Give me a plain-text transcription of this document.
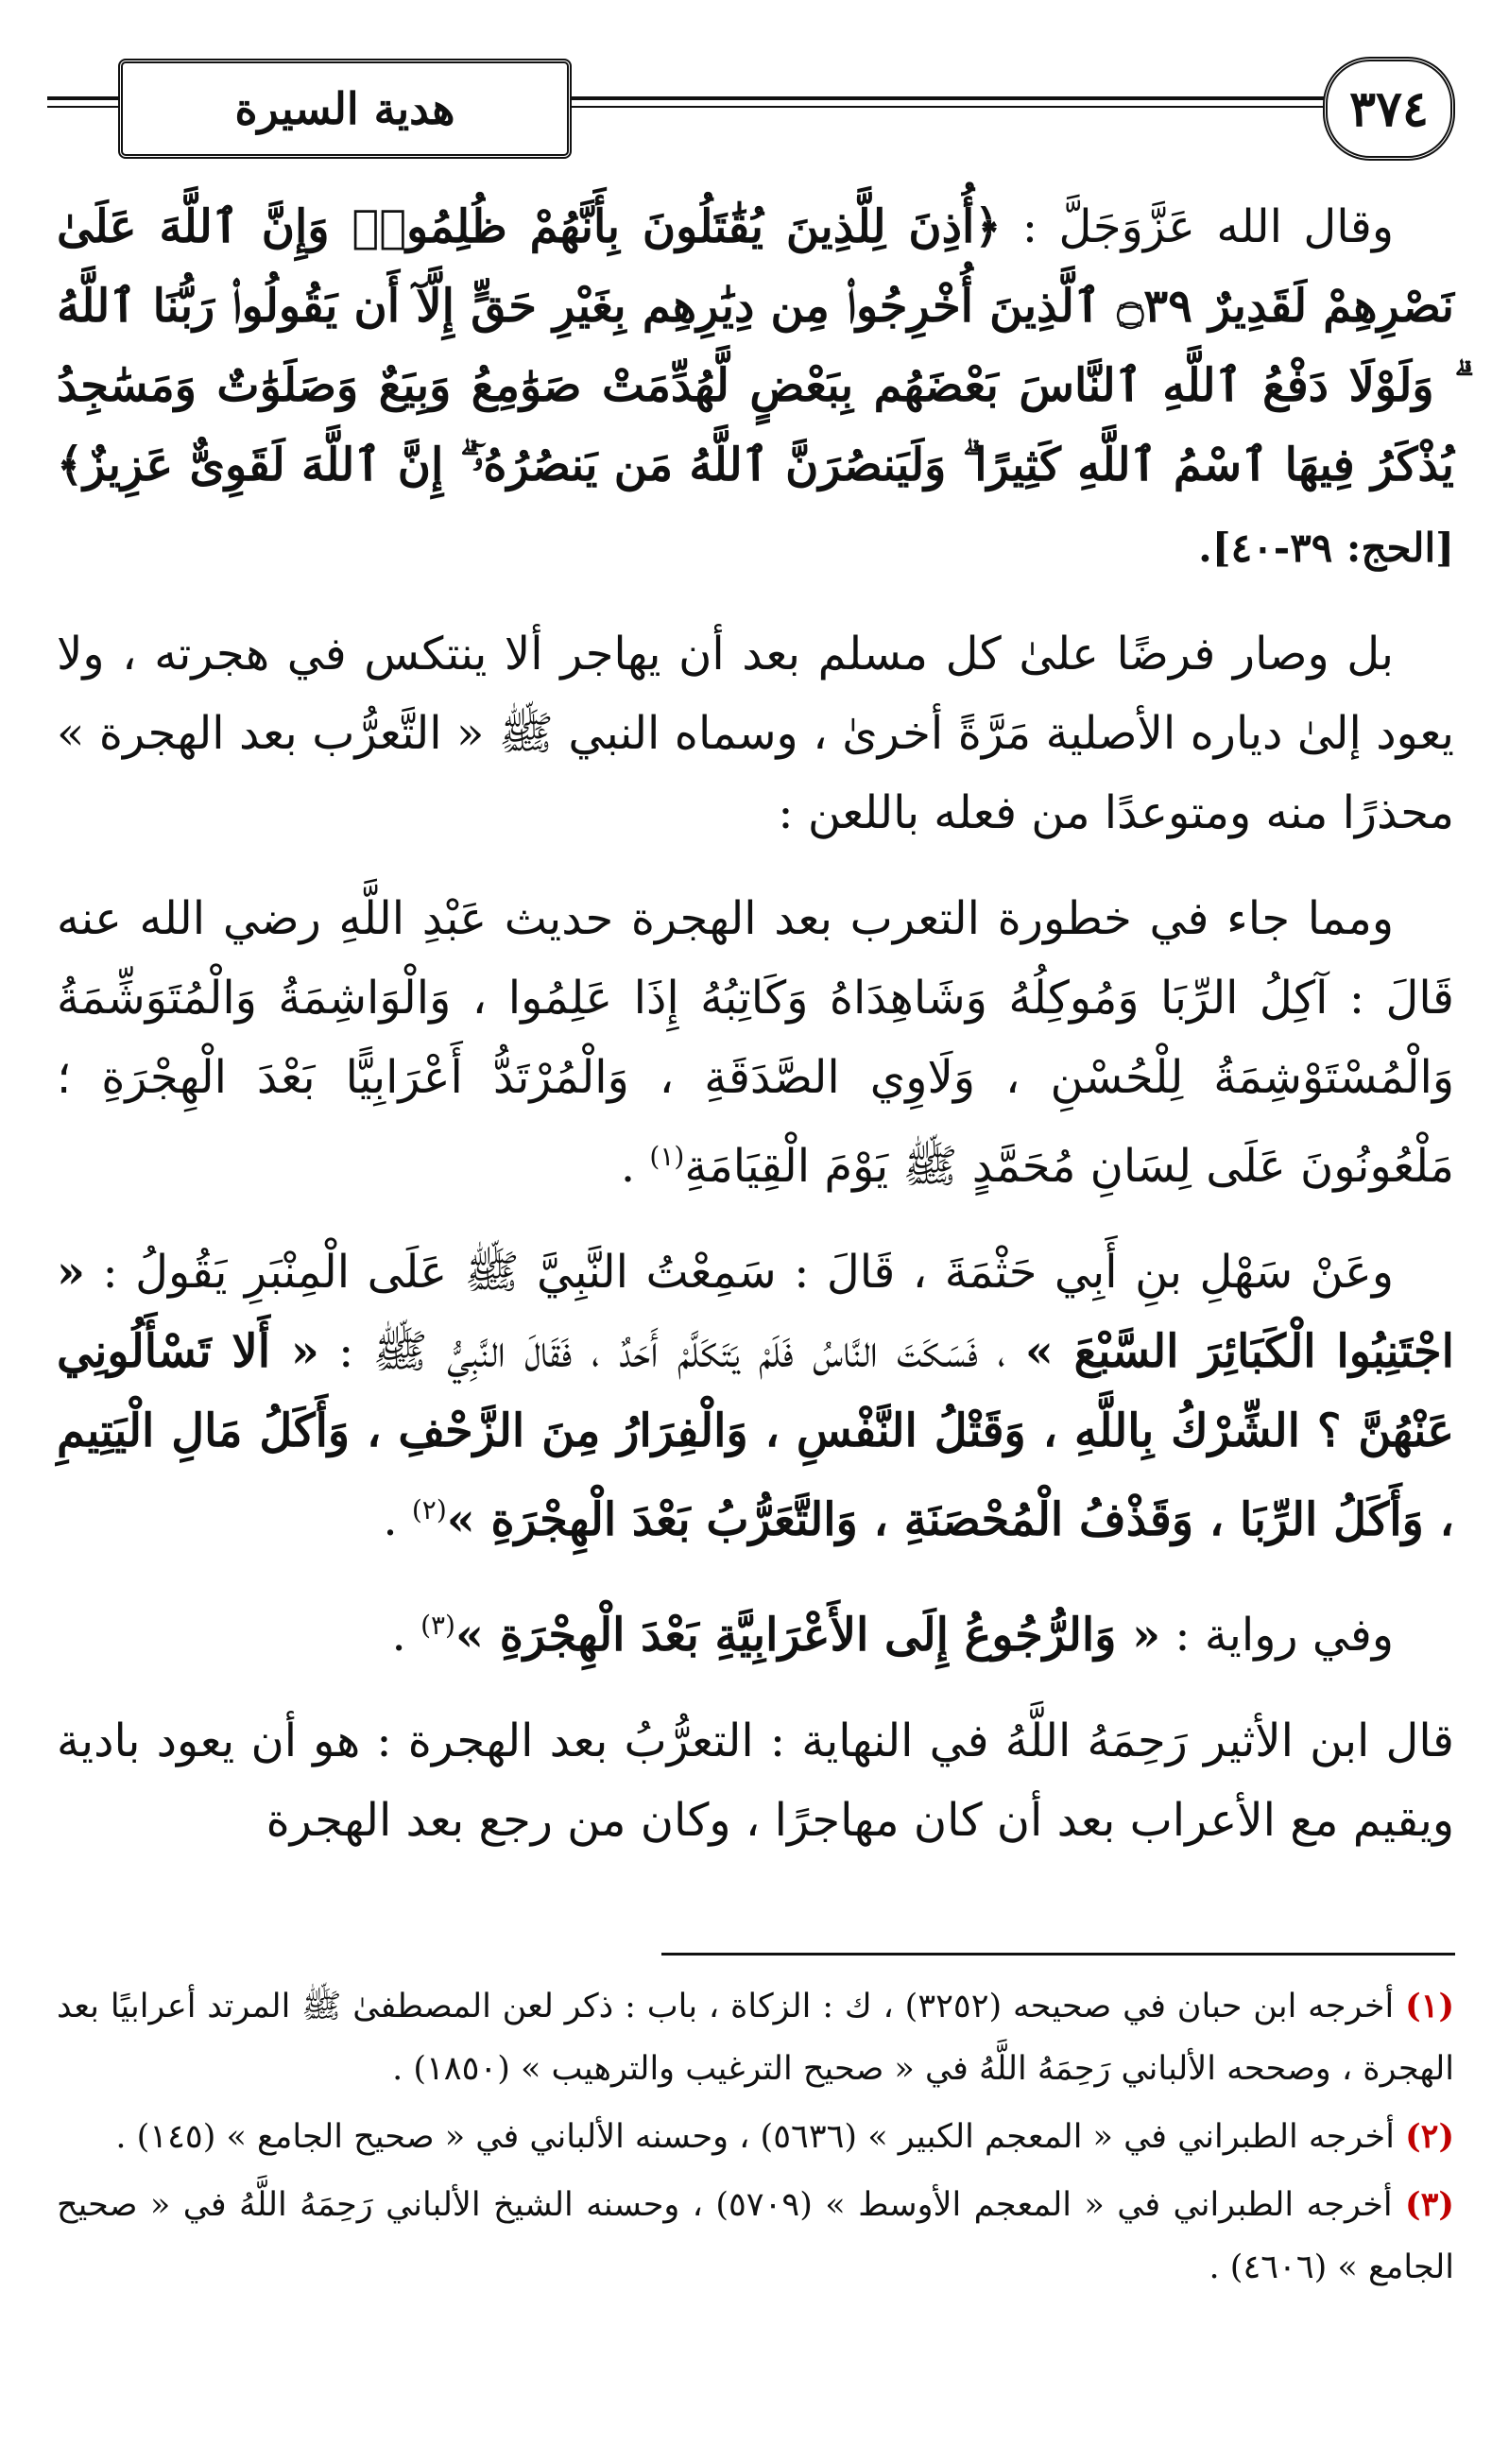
هدية السيرة	٣٧٤

وقال الله عَزَّوَجَلَّ : ﴿أُذِنَ لِلَّذِينَ يُقَٰتَلُونَ بِأَنَّهُمْ ظُلِمُوا۟ وَإِنَّ ٱللَّهَ عَلَىٰ نَصْرِهِمْ لَقَدِيرٌ ۝٣٩ ٱلَّذِينَ أُخْرِجُوا۟ مِن دِيَٰرِهِم بِغَيْرِ حَقٍّ إِلَّآ أَن يَقُولُوا۟ رَبُّنَا ٱللَّهُ ۗ وَلَوْلَا دَفْعُ ٱللَّهِ ٱلنَّاسَ بَعْضَهُم بِبَعْضٍ لَّهُدِّمَتْ صَوَٰمِعُ وَبِيَعٌ وَصَلَوَٰتٌ وَمَسَٰجِدُ يُذْكَرُ فِيهَا ٱسْمُ ٱللَّهِ كَثِيرًا ۗ وَلَيَنصُرَنَّ ٱللَّهُ مَن يَنصُرُهُۥٓ ۗ إِنَّ ٱللَّهَ لَقَوِىٌّ عَزِيزٌ﴾ [الحج: ٣٩-٤٠].

بل وصار فرضًا علىٰ كل مسلم بعد أن يهاجر ألا ينتكس في هجرته ، ولا يعود إلىٰ دياره الأصلية مَرَّةً أخرىٰ ، وسماه النبي ﷺ « التَّعرُّب بعد الهجرة » محذرًا منه ومتوعدًا من فعله باللعن :

ومما جاء في خطورة التعرب بعد الهجرة حديث عَبْدِ اللَّهِ رضي الله عنه قَالَ : آكِلُ الرِّبَا وَمُوكِلُهُ وَشَاهِدَاهُ وَكَاتِبُهُ إِذَا عَلِمُوا ، وَالْوَاشِمَةُ وَالْمُتَوَشِّمَةُ وَالْمُسْتَوْشِمَةُ لِلْحُسْنِ ، وَلَاوِي الصَّدَقَةِ ، وَالْمُرْتَدُّ أَعْرَابِيًّا بَعْدَ الْهِجْرَةِ ؛ مَلْعُونُونَ عَلَى لِسَانِ مُحَمَّدٍ ﷺ يَوْمَ الْقِيَامَةِ$^{(١)}$ .

وعَنْ سَهْلِ بنِ أَبِي حَثْمَةَ ، قَالَ : سَمِعْتُ النَّبِيَّ ﷺ عَلَى الْمِنْبَرِ يَقُولُ : « اجْتَنِبُوا الْكَبَائِرَ السَّبْعَ » ، فَسَكَتَ النَّاسُ فَلَمْ يَتَكَلَّمْ أَحَدٌ ، فَقَالَ النَّبِيُّ ﷺ : « أَلا تَسْأَلُونِي عَنْهُنَّ ؟ الشِّرْكُ بِاللَّهِ ، وَقَتْلُ النَّفْسِ ، وَالْفِرَارُ مِنَ الزَّحْفِ ، وَأَكَلُ مَالِ الْيَتِيمِ ، وَأَكَلُ الرِّبَا ، وَقَذْفُ الْمُحْصَنَةِ ، وَالتَّعَرُّبُ بَعْدَ الْهِجْرَةِ »$^{(٢)}$ .

وفي رواية : « وَالرُّجُوعُ إِلَى الأَعْرَابِيَّةِ بَعْدَ الْهِجْرَةِ »$^{(٣)}$ .

قال ابن الأثير رَحِمَهُ اللَّهُ في النهاية : التعرُّبُ بعد الهجرة : هو أن يعود بادية ويقيم مع الأعراب بعد أن كان مهاجرًا ، وكان من رجع بعد الهجرة

(١) أخرجه ابن حبان في صحيحه (٣٢٥٢) ، ك : الزكاة ، باب : ذكر لعن المصطفىٰ ﷺ المرتد أعرابيًا بعد الهجرة ، وصححه الألباني رَحِمَهُ اللَّهُ في « صحيح الترغيب والترهيب » (١٨٥٠) .

(٢) أخرجه الطبراني في « المعجم الكبير » (٥٦٣٦) ، وحسنه الألباني في « صحيح الجامع » (١٤٥) .

(٣) أخرجه الطبراني في « المعجم الأوسط » (٥٧٠٩) ، وحسنه الشيخ الألباني رَحِمَهُ اللَّهُ في « صحيح الجامع » (٤٦٠٦) .
